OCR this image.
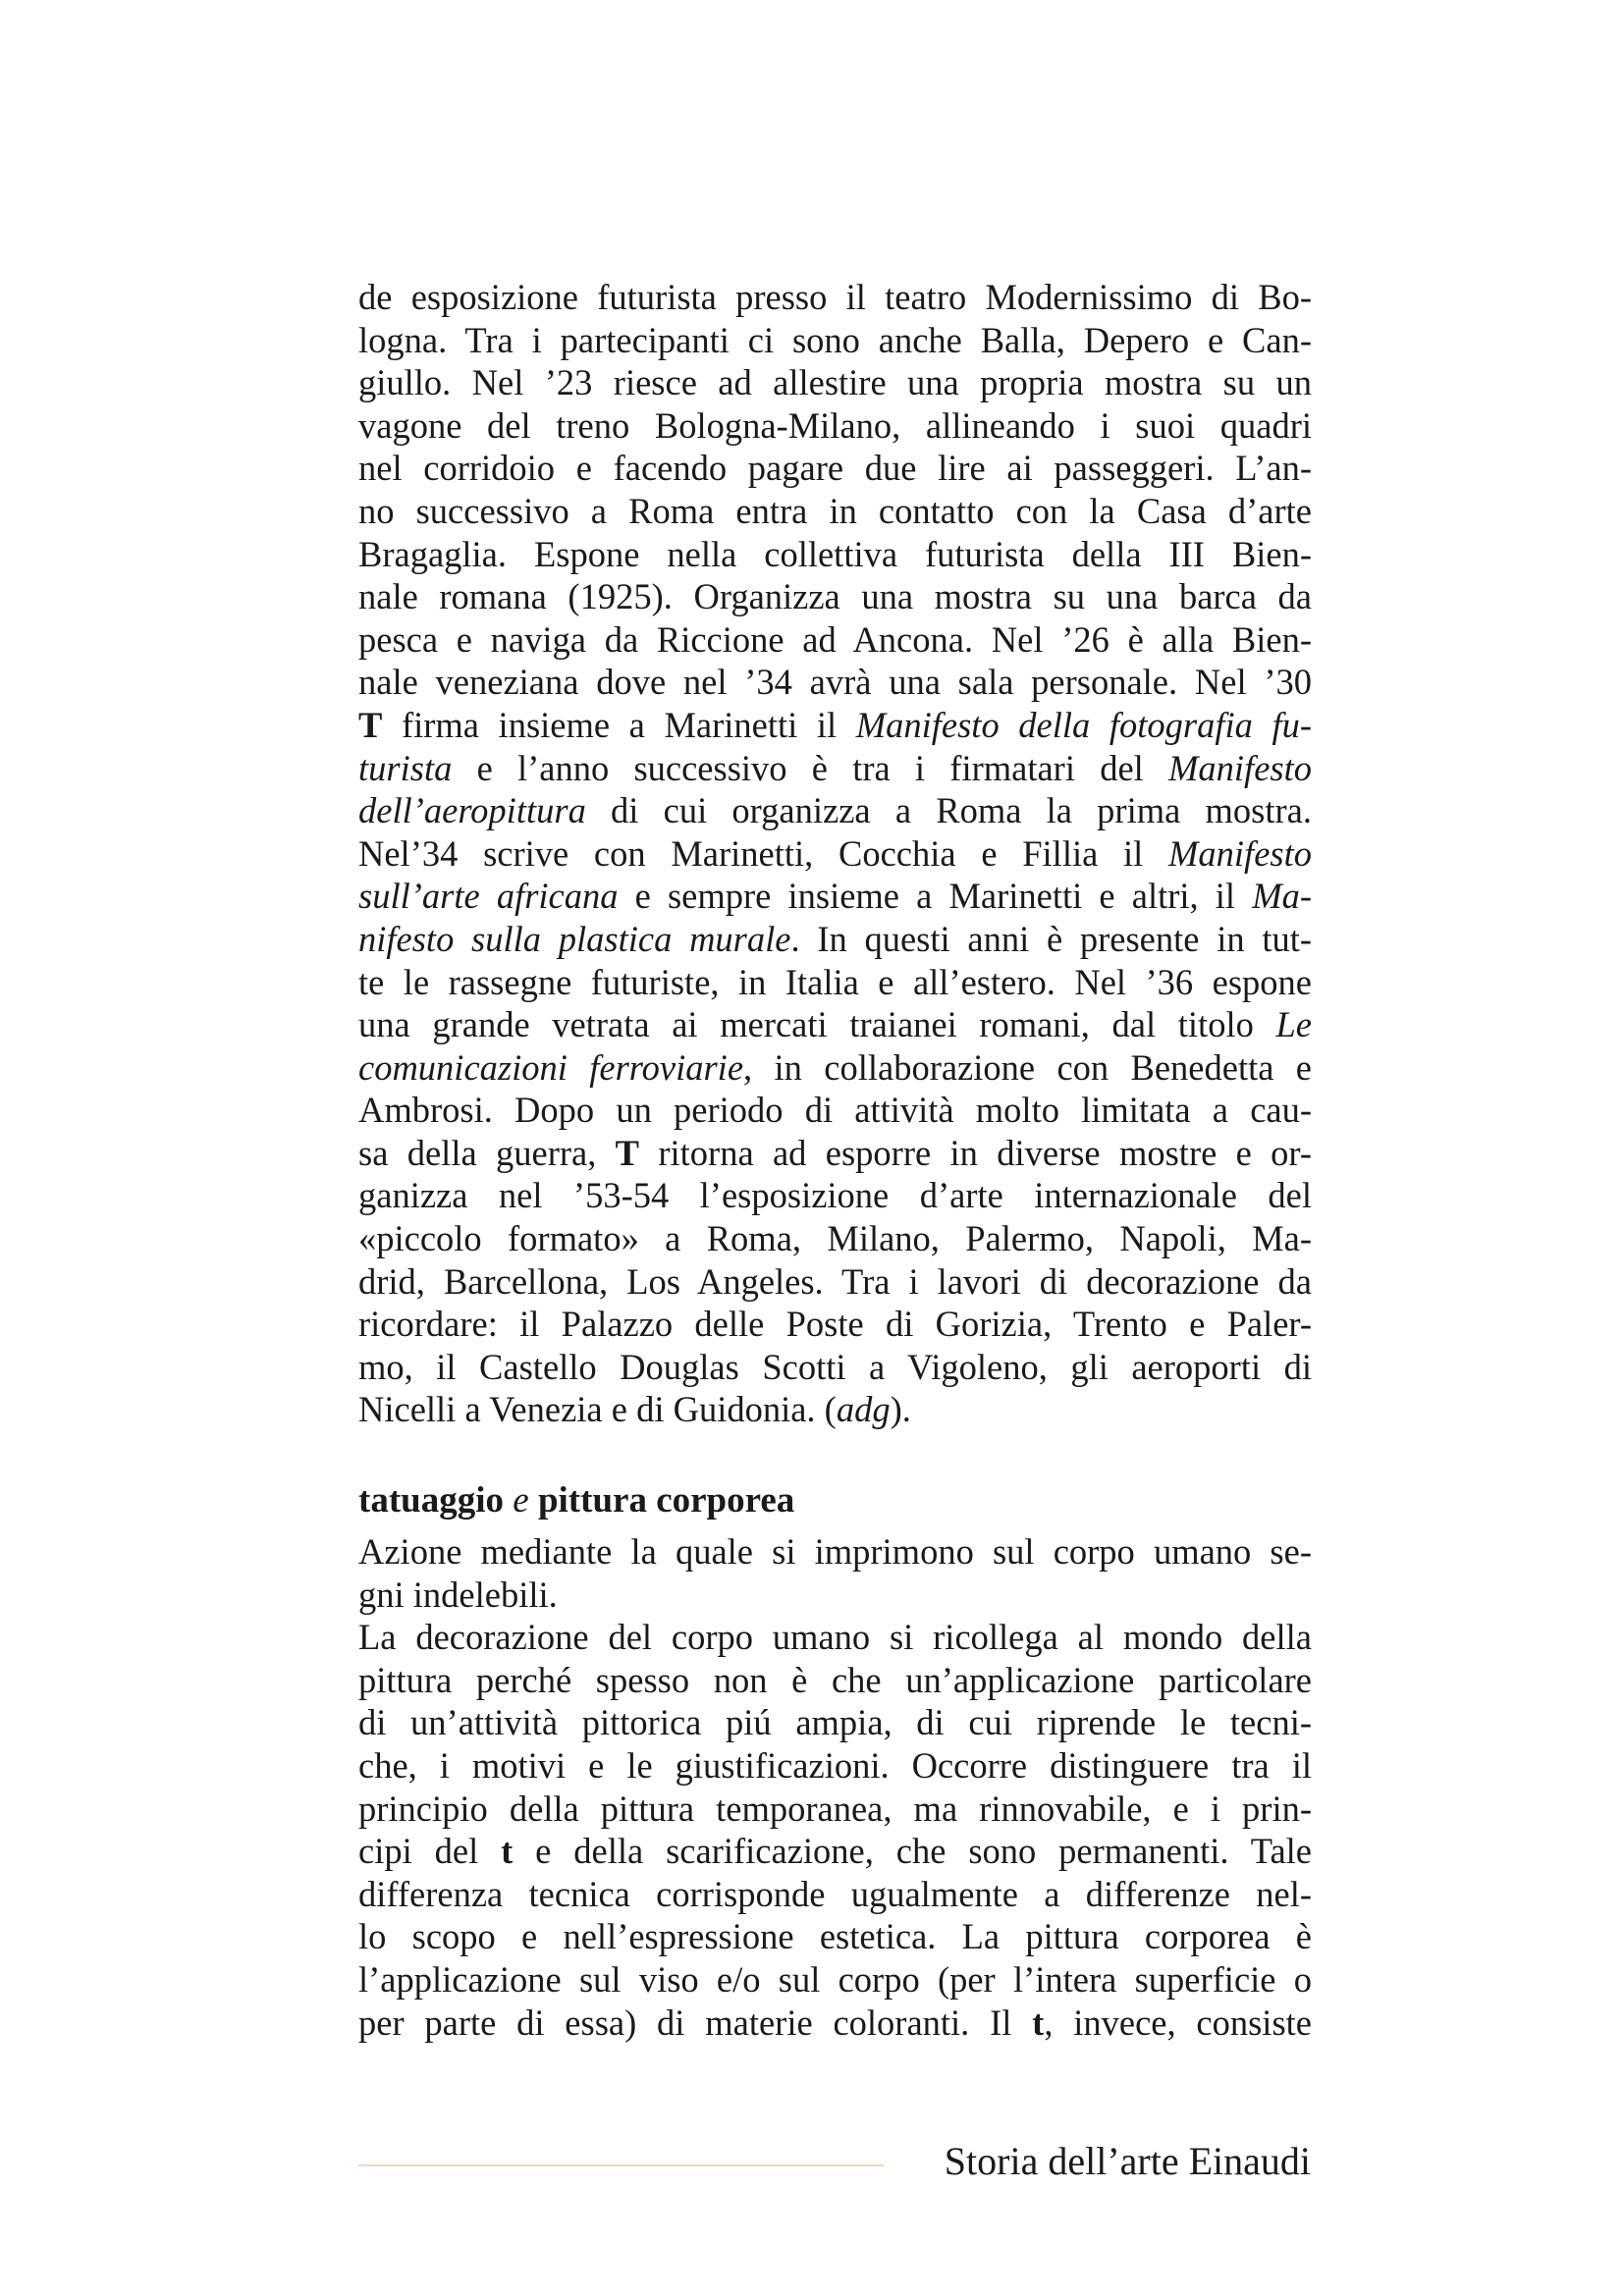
de esposizione futurista presso il teatro Modernissimo di Bo-
logna. Tra i partecipanti ci sono anche Balla, Depero e Can-
giullo. Nel ’23 riesce ad allestire una propria mostra su un
vagone del treno Bologna-Milano, allineando i suoi quadri
nel corridoio e facendo pagare due lire ai passeggeri. L’an-
no successivo a Roma entra in contatto con la Casa d’arte
Bragaglia. Espone nella collettiva futurista della III Bien-
nale romana (1925). Organizza una mostra su una barca da
pesca e naviga da Riccione ad Ancona. Nel ’26 è alla Bien-
nale veneziana dove nel ’34 avrà una sala personale. Nel ’30
T firma insieme a Marinetti il Manifesto della fotografia fu-
turista e l’anno successivo è tra i firmatari del Manifesto
dell’aeropittura di cui organizza a Roma la prima mostra.
Nel’34 scrive con Marinetti, Cocchia e Fillia il Manifesto
sull’arte africana e sempre insieme a Marinetti e altri, il Ma-
nifesto sulla plastica murale. In questi anni è presente in tut-
te le rassegne futuriste, in Italia e all’estero. Nel ’36 espone
una grande vetrata ai mercati traianei romani, dal titolo Le
comunicazioni ferroviarie, in collaborazione con Benedetta e
Ambrosi. Dopo un periodo di attività molto limitata a cau-
sa della guerra, T ritorna ad esporre in diverse mostre e or-
ganizza nel ’53-54 l’esposizione d’arte internazionale del
«piccolo formato» a Roma, Milano, Palermo, Napoli, Ma-
drid, Barcellona, Los Angeles. Tra i lavori di decorazione da
ricordare: il Palazzo delle Poste di Gorizia, Trento e Paler-
mo, il Castello Douglas Scotti a Vigoleno, gli aeroporti di
Nicelli a Venezia e di Guidonia. (adg).
tatuaggio e pittura corporea
Azione mediante la quale si imprimono sul corpo umano se-
gni indelebili.
La decorazione del corpo umano si ricollega al mondo della
pittura perché spesso non è che un’applicazione particolare
di un’attività pittorica piú ampia, di cui riprende le tecni-
che, i motivi e le giustificazioni. Occorre distinguere tra il
principio della pittura temporanea, ma rinnovabile, e i prin-
cipi del t e della scarificazione, che sono permanenti. Tale
differenza tecnica corrisponde ugualmente a differenze nel-
lo scopo e nell’espressione estetica. La pittura corporea è
l’applicazione sul viso e/o sul corpo (per l’intera superficie o
per parte di essa) di materie coloranti. Il t, invece, consiste
Storia dell’arte Einaudi
